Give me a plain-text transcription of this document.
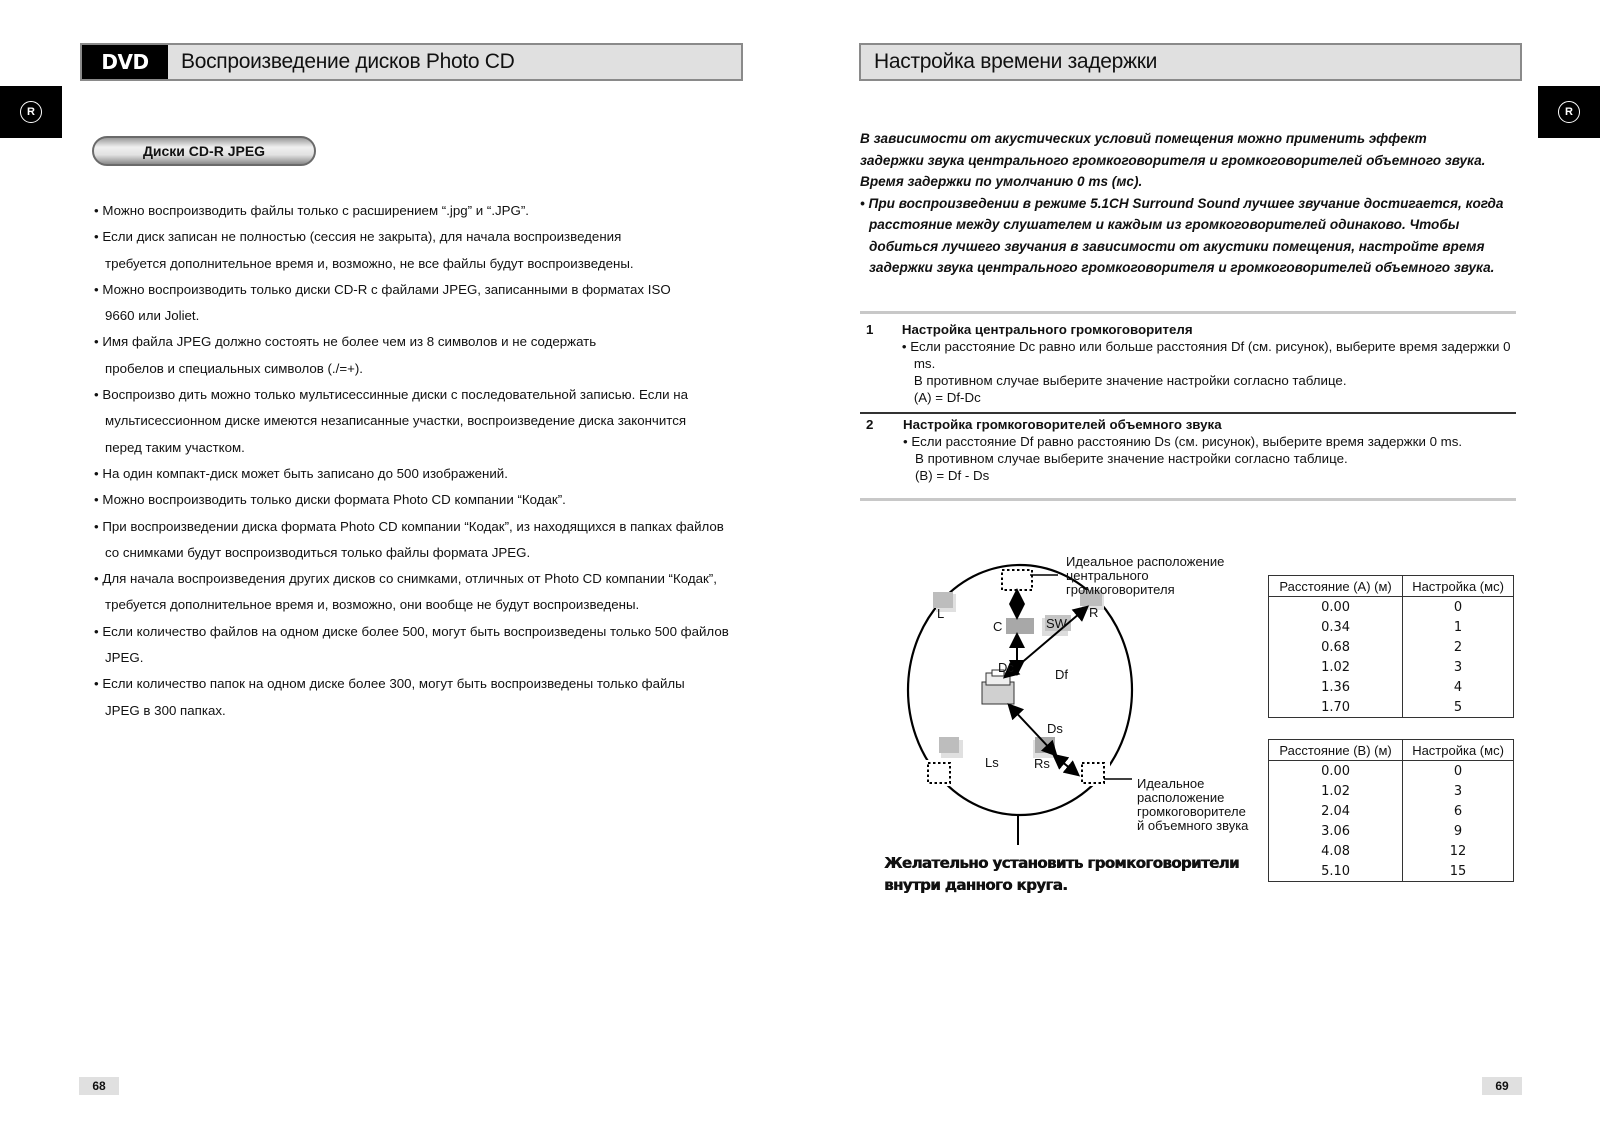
R
DVD	Воспроизведение дисков Photo CD
Диски CD-R JPEG
• Можно воспроизводить файлы только с расширением “.jpg” и “.JPG”.
• Если диск записан не полностью (сессия не закрыта), для начала воспроизведения требуется дополнительное время и, возможно, не все файлы будут воспроизведены.
• Можно воспроизводить только диски CD-R с файлами JPEG, записанными в форматах ISO 9660 или Joliet.
• Имя файла JPEG должно состоять не более чем из 8 символов и не содержать пробелов и специальных символов (./=+).
• Воспроизво дить можно только мультисессинные диски с последовательной записью. Если на мультисессионном диске имеются незаписанные участки, воспроизведение диска закончится перед таким участком.
• На один компакт-диск может быть записано до 500 изображений.
• Можно воспроизводить только диски формата Photo CD компании “Кодак”.
• При воспроизведении диска формата Photo CD компании “Кодак”, из находящихся в папках файлов со снимками будут воспроизводиться только файлы формата JPEG.
• Для начала воспроизведения других дисков со снимками, отличных от Photo CD компании “Кодак”, требуется дополнительное время и, возможно, они вообще не будут воспроизведены.
• Если количество файлов на одном диске более 500, могут быть воспроизведены только 500 файлов JPEG.
• Если количество папок на одном диске более 300, могут быть воспроизведены только файлы JPEG в 300 папках.
68
R
Настройка времени задержки
В зависимости от акустических условий помещения можно применить эффект задержки звука центрального громкоговорителя и громкоговорителей объемного звука. Время задержки по умолчанию 0 ms (мс).
• При воспроизведении в режиме 5.1CH Surround Sound лучшее звучание достигается, когда расстояние между слушателем и каждым из громкоговорителей одинаково. Чтобы добиться лучшего звучания в зависимости от акустики помещения, настройте время задержки звука центрального громкоговорителя и громкоговорителей объемного звука.
1	Настройка центрального громкоговорителя
• Если расстояние Dc равно или больше расстояния Df (см. рисунок), выберите время задержки 0 ms.
В противном случае выберите значение настройки согласно таблице.
(A) = Df-Dc
2	Настройка громкоговорителей объемного звука
• Если расстояние Df равно расстоянию Ds (см. рисунок), выберите время задержки 0 ms.
В противном случае выберите значение настройки согласно таблице.
(B) = Df - Ds
L
C	SW
R
Dc	Df
Ds
Ls	Rs
Идеальное расположение
центрального
громкоговорителя
Идеальное
расположение
громкоговорителе
й объемного звука
Желательно установить громкоговорители
внутри данного круга.
Расстояние (A) (м)	Настройка (мс)
0.00	0
0.34	1
0.68	2
1.02	3
1.36	4
1.70	5
Расстояние (B) (м)	Настройка (мс)
0.00	0
1.02	3
2.04	6
3.06	9
4.08	12
5.10	15
69
